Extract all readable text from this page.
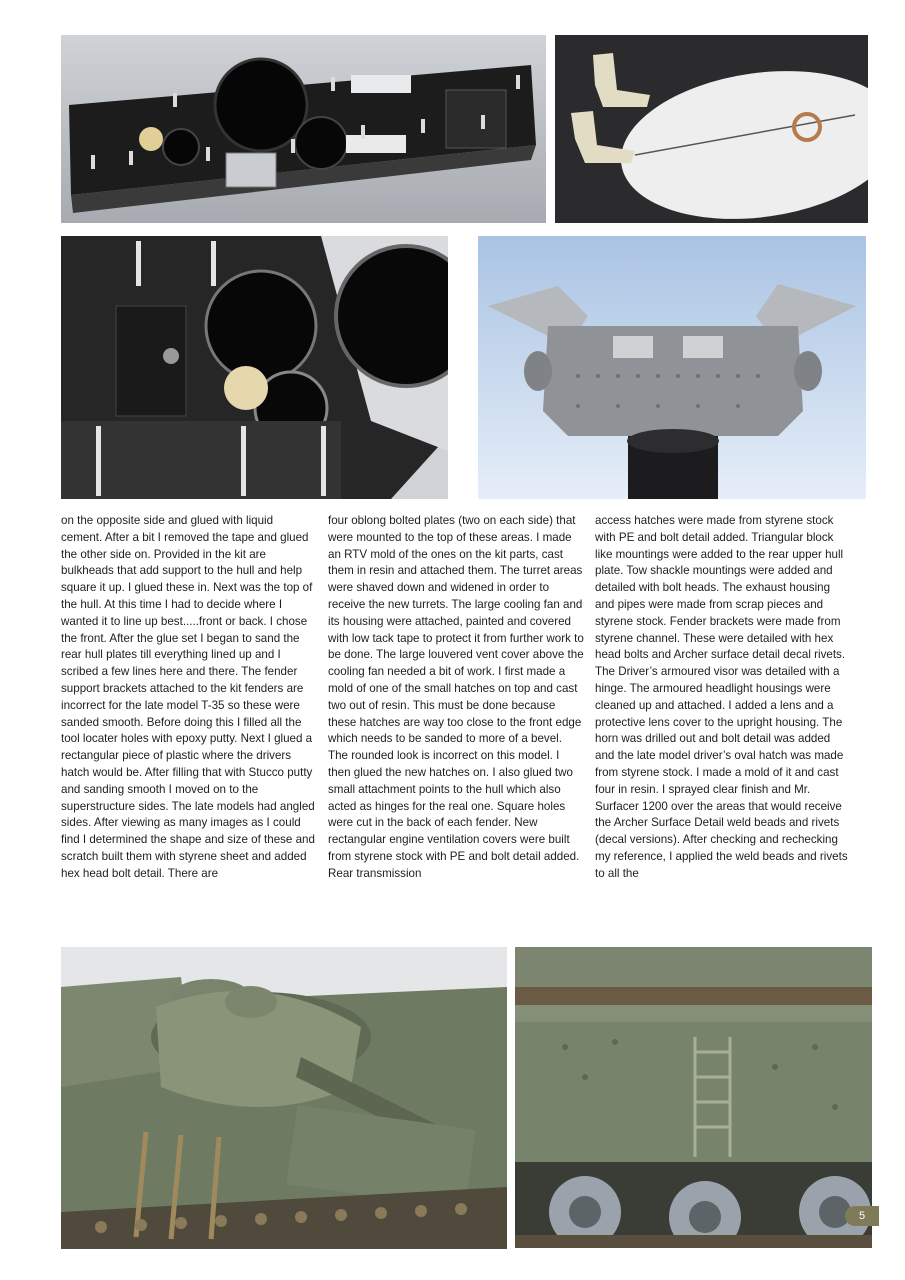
on the opposite side and glued with liquid cement. After a bit I removed the tape and glued the other side on. Provided in the kit are bulkheads that add support to the hull and help square it up. I glued these in. Next was the top of the hull. At this time I had to decide where I wanted it to line up best.....front or back. I chose the front. After the glue set I began to sand the rear hull plates till everything lined up and I scribed a few lines here and there. The fender support brackets attached to the kit fenders are incorrect for the late model T-35 so these were sanded smooth. Before doing this I filled all the tool locater holes with epoxy putty. Next I glued a rectangular piece of plastic where the drivers hatch would be. After filling that with Stucco putty and sanding smooth I moved on to the superstructure sides. The late models had angled sides. After viewing as many images as I could find I determined the shape and size of these and scratch built them with styrene sheet and added hex head bolt detail. There are
four oblong bolted plates (two on each side) that were mounted to the top of these areas. I made an RTV mold of the ones on the kit parts, cast them in resin and attached them. The turret areas were shaved down and widened in order to receive the new turrets. The large cooling fan and its housing were attached, painted and covered with low tack tape to protect it from further work to be done. The large louvered vent cover above the cooling fan needed a bit of work. I first made a mold of one of the small hatches on top and cast two out of resin. This must be done because these hatches are way too close to the front edge which needs to be sanded to more of a bevel. The rounded look is incorrect on this model. I then glued the new hatches on. I also glued two small attachment points to the hull which also acted as hinges for the real one. Square holes were cut in the back of each fender. New rectangular engine ventilation covers were built from styrene stock with PE and bolt detail added. Rear transmission
access hatches were made from styrene stock with PE and bolt detail added. Triangular block like mountings were added to the rear upper hull plate. Tow shackle mountings were added and detailed with bolt heads. The exhaust housing and pipes were made from scrap pieces and styrene stock. Fender brackets were made from styrene channel. These were detailed with hex head bolts and Archer surface detail decal rivets. The Driver’s armoured visor was detailed with a hinge. The armoured headlight housings were cleaned up and attached. I added a lens and a protective lens cover to the upright housing. The horn was drilled out and bolt detail was added and the late model driver’s oval hatch was made from styrene stock. I made a mold of it and cast four in resin. I sprayed clear finish and Mr. Surfacer 1200 over the areas that would receive the Archer Surface Detail weld beads and rivets (decal versions). After checking and rechecking my reference, I applied the weld beads and rivets to all the
5
